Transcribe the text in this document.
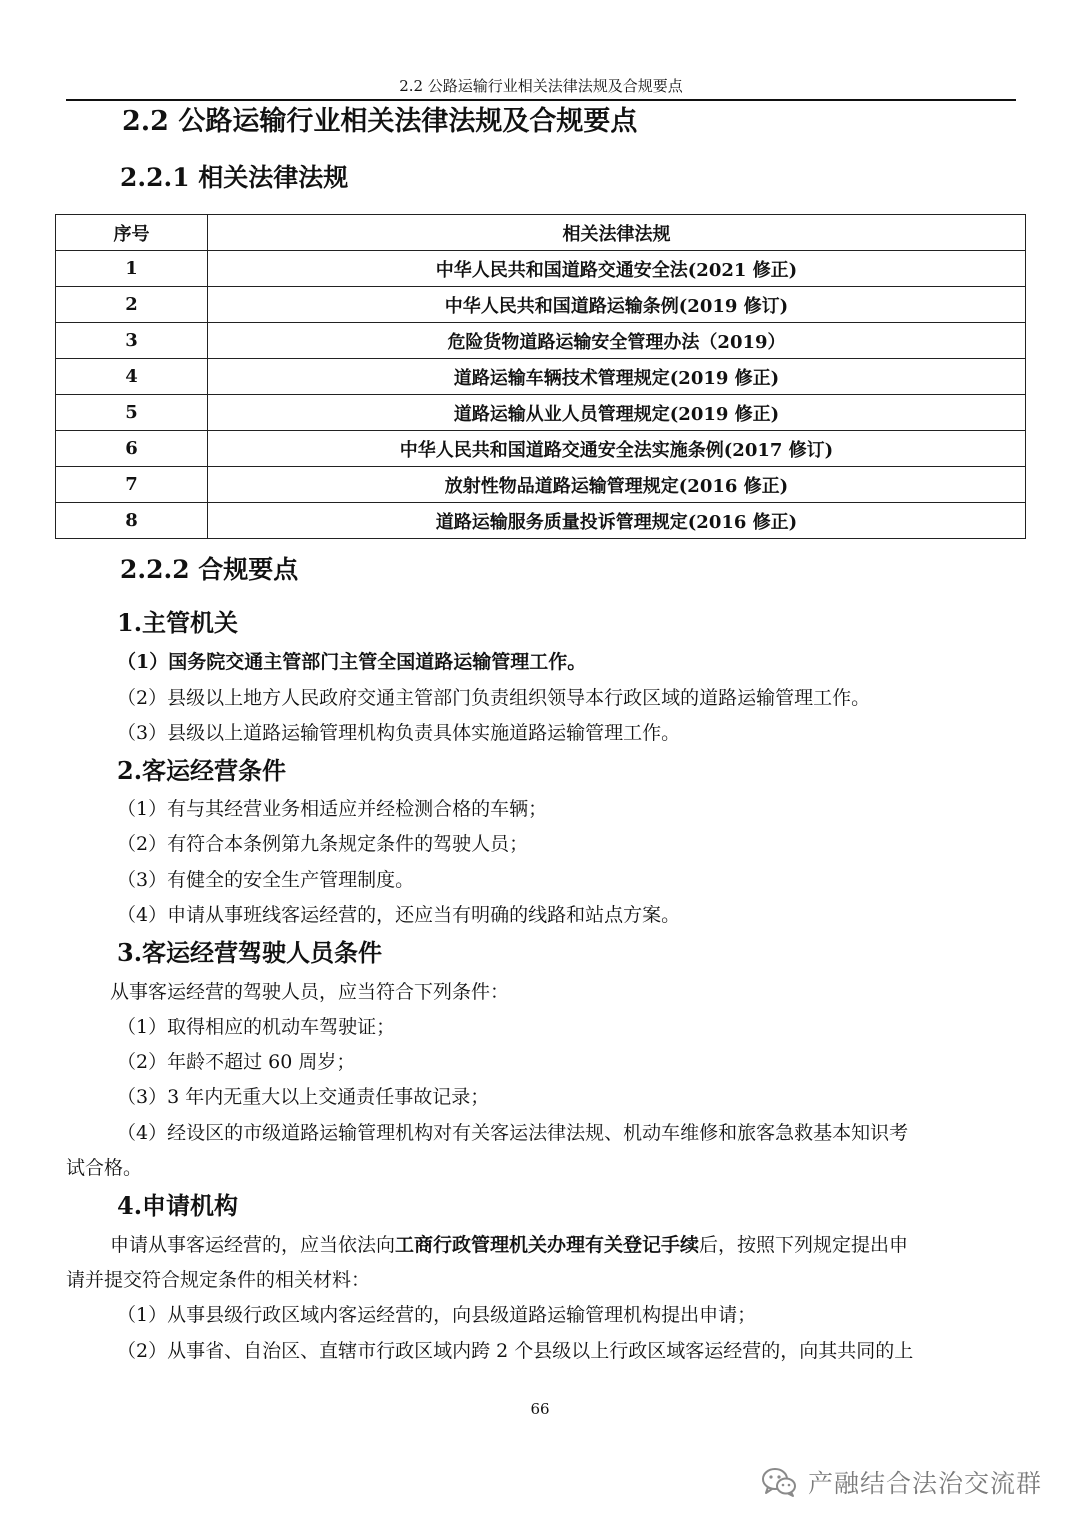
2.2 公路运输行业相关法律法规及合规要点
2.2 公路运输行业相关法律法规及合规要点
2.2.1 相关法律法规
序号	相关法律法规
1	中华人民共和国道路交通安全法(2021 修正)
2	中华人民共和国道路运输条例(2019 修订)
3	危险货物道路运输安全管理办法（2019）
4	道路运输车辆技术管理规定(2019 修正)
5	道路运输从业人员管理规定(2019 修正)
6	中华人民共和国道路交通安全法实施条例(2017 修订)
7	放射性物品道路运输管理规定(2016 修正)
8	道路运输服务质量投诉管理规定(2016 修正)
2.2.2 合规要点
1.主管机关
（1）国务院交通主管部门主管全国道路运输管理工作。
（2）县级以上地方人民政府交通主管部门负责组织领导本行政区域的道路运输管理工作。
（3）县级以上道路运输管理机构负责具体实施道路运输管理工作。
2.客运经营条件
（1）有与其经营业务相适应并经检测合格的车辆；
（2）有符合本条例第九条规定条件的驾驶人员；
（3）有健全的安全生产管理制度。
（4）申请从事班线客运经营的，还应当有明确的线路和站点方案。
3.客运经营驾驶人员条件
从事客运经营的驾驶人员，应当符合下列条件：
（1）取得相应的机动车驾驶证；
（2）年龄不超过 60 周岁；
（3）3 年内无重大以上交通责任事故记录；
（4）经设区的市级道路运输管理机构对有关客运法律法规、机动车维修和旅客急救基本知识考
试合格。
4.申请机构
申请从事客运经营的，应当依法向工商行政管理机关办理有关登记手续后，按照下列规定提出申
请并提交符合规定条件的相关材料：
（1）从事县级行政区域内客运经营的，向县级道路运输管理机构提出申请；
（2）从事省、自治区、直辖市行政区域内跨 2 个县级以上行政区域客运经营的，向其共同的上
66
产融结合法治交流群
